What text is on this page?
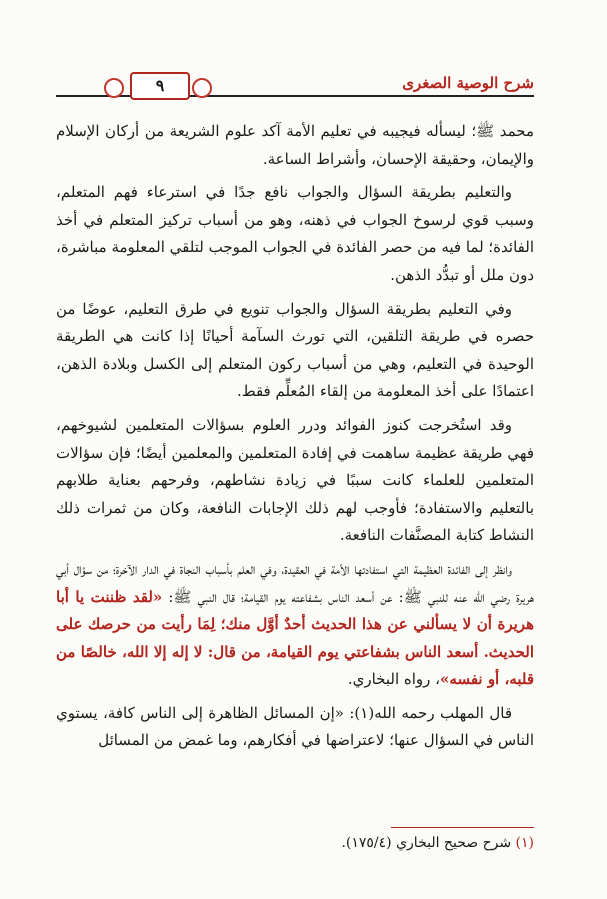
شرح الوصية الصغرى
٩

محمد ﷺ؛ ليسأله فيجيبه في تعليم الأمة آكد علوم الشريعة من أركان الإسلام والإيمان، وحقيقة الإحسان، وأشراط الساعة.

والتعليم بطريقة السؤال والجواب نافع جدًا في استرعاء فهم المتعلم، وسبب قوي لرسوخ الجواب في ذهنه، وهو من أسباب تركيز المتعلم في أخذ الفائدة؛ لما فيه من حصر الفائدة في الجواب الموجب لتلقي المعلومة مباشرة، دون ملل أو تبدُّد الذهن.

وفي التعليم بطريقة السؤال والجواب تنويع في طرق التعليم، عوضًا من حصره في طريقة التلقين، التي تورث السآمة أحيانًا إذا كانت هي الطريقة الوحيدة في التعليم، وهي من أسباب ركون المتعلم إلى الكسل وبلادة الذهن، اعتمادًا على أخذ المعلومة من إلقاء المُعلِّم فقط.

وقد استُخرجت كنوز الفوائد ودرر العلوم بسؤالات المتعلمين لشيوخهم، فهي طريقة عظيمة ساهمت في إفادة المتعلمين والمعلمين أيضًا؛ فإن سؤالات المتعلمين للعلماء كانت سببًا في زيادة نشاطهم، وفرحهم بعناية طلابهم بالتعليم والاستفادة؛ فأوجب لهم ذلك الإجابات النافعة، وكان من ثمرات ذلك النشاط كتابة المصنَّفات النافعة.

وانظر إلى الفائدة العظيمة التي استفادتها الأمة في العقيدة، وفي العلم بأسباب النجاة في الدار الآخرة؛ من سؤال أبي هريرة رضي الله عنه للنبي ﷺ: عن أسعد الناس بشفاعته يوم القيامة؛ قال النبي ﷺ: «لقد ظننت يا أبا هريرة أن لا يسألني عن هذا الحديث أحدٌ أوَّل منك؛ لِمَا رأيت من حرصك على الحديث. أسعد الناس بشفاعتي يوم القيامة، من قال: لا إله إلا الله، خالصًا من قلبه، أو نفسه»، رواه البخاري.

قال المهلب رحمه الله(١): «إن المسائل الظاهرة إلى الناس كافة، يستوي الناس في السؤال عنها؛ لاعتراضها في أفكارهم، وما غمض من المسائل

(١) شرح صحيح البخاري (١٧٥/٤).
